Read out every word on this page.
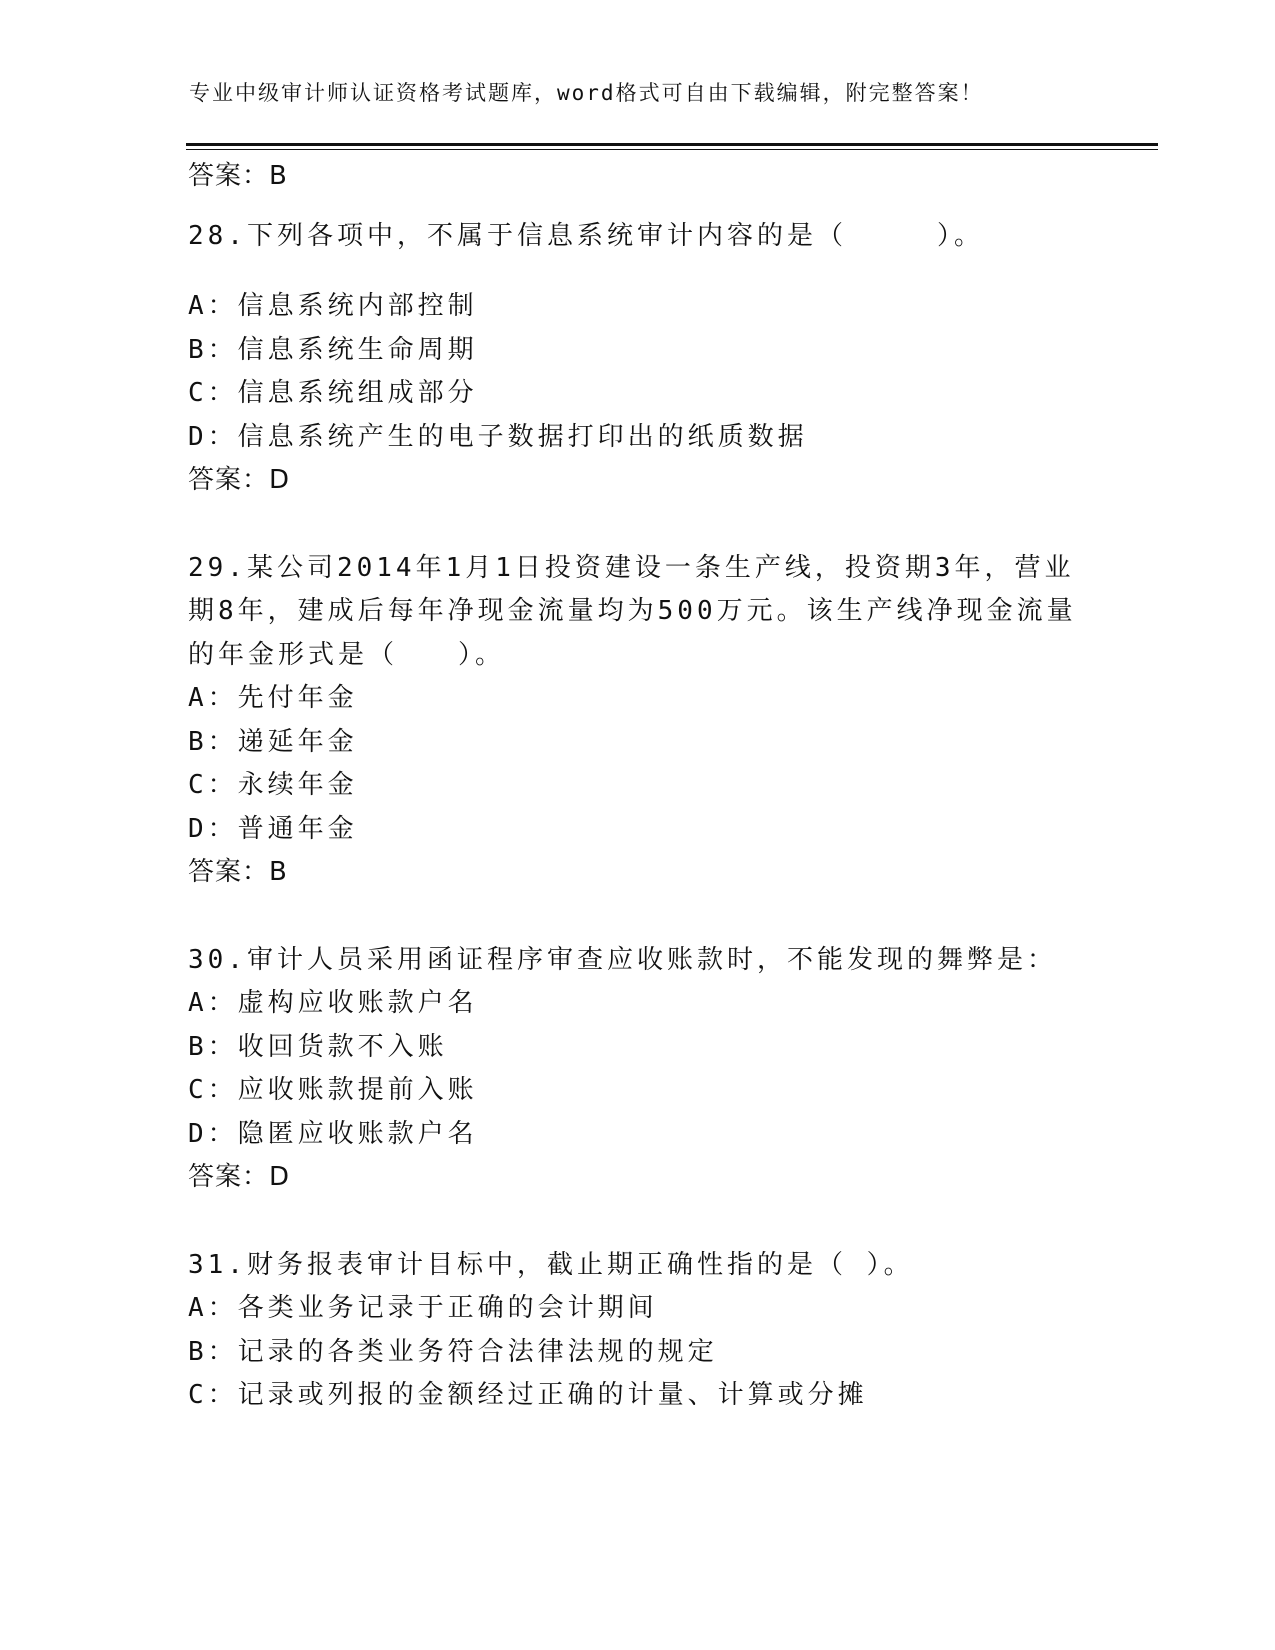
专业中级审计师认证资格考试题库，word格式可自由下载编辑，附完整答案！
答案：B
28.下列各项中，不属于信息系统审计内容的是（　　　）。
A：信息系统内部控制
B：信息系统生命周期
C：信息系统组成部分
D：信息系统产生的电子数据打印出的纸质数据
答案：D
29.某公司2014年1月1日投资建设一条生产线，投资期3年，营业
期8年，建成后每年净现金流量均为500万元。该生产线净现金流量
的年金形式是（　　）。
A：先付年金
B：递延年金
C：永续年金
D：普通年金
答案：B
30.审计人员采用函证程序审查应收账款时，不能发现的舞弊是：
A：虚构应收账款户名
B：收回货款不入账
C：应收账款提前入账
D：隐匿应收账款户名
答案：D
31.财务报表审计目标中，截止期正确性指的是（ ）。
A：各类业务记录于正确的会计期间
B：记录的各类业务符合法律法规的规定
C：记录或列报的金额经过正确的计量、计算或分摊
